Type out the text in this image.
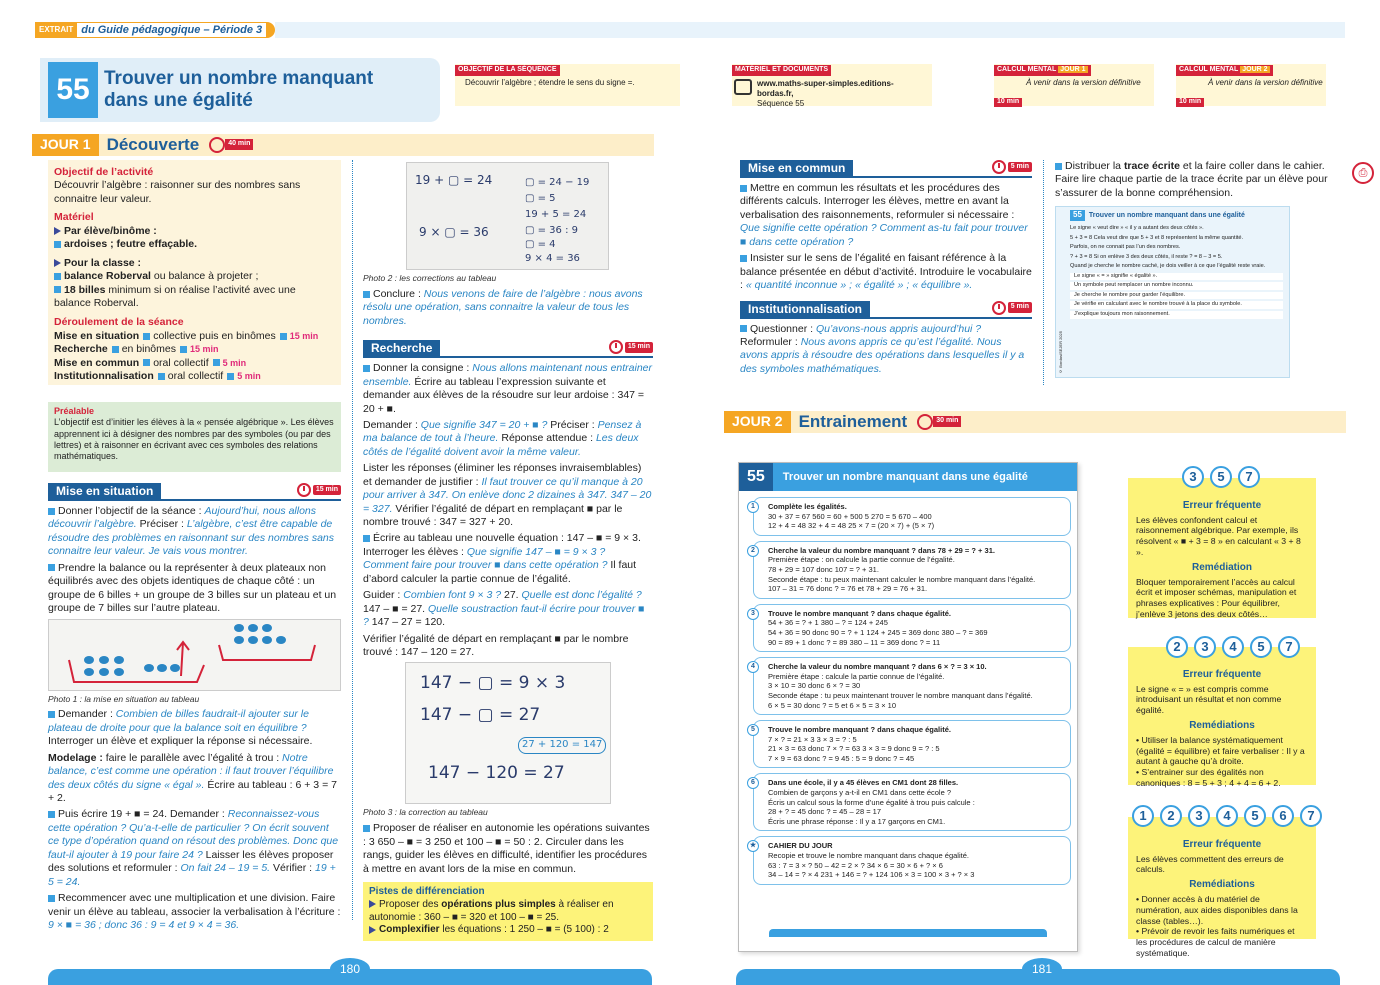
EXTRAIT du Guide pédagogique – Période 3
55 Trouver un nombre manquant
dans une égalité
OBJECTIF DE LA SÉQUENCE
Découvrir l’algèbre ; étendre le sens du signe =.
MATÉRIEL ET DOCUMENTS
www.maths-super-simples.editions-bordas.fr,
Séquence 55
CALCUL MENTAL JOUR 1
À venir dans la version définitive
10 min
CALCUL MENTAL JOUR 2
À venir dans la version définitive
10 min
JOUR 1 Découverte	40 min
Objectif de l’activité

Découvrir l’algèbre : raisonner sur des nombres sans connaitre leur valeur.

Matériel
Par élève/binôme :
ardoises ; feutre effaçable.
Pour la classe :
balance Roberval ou balance à projeter ;
18 billes minimum si on réalise l’activité avec une balance Roberval.
Déroulement de la séance
Mise en situation collective puis en binômes 15 min
Recherche en binômes 15 min
Mise en commun oral collectif 5 min
Institutionnalisation oral collectif 5 min
Préalable
L’objectif est d’initier les élèves à la « pensée algébrique ». Les élèves apprennent ici à désigner des nombres par des symboles (ou par des lettres) et à raisonner en écrivant avec ces symboles des relations mathématiques.
Mise en situation	15 min

Donner l’objectif de la séance : Aujourd’hui, nous allons découvrir l’algèbre. Préciser : L’algèbre, c’est être capable de résoudre des problèmes en raisonnant sur des nombres sans connaitre leur valeur. Je vais vous montrer.

Prendre la balance ou la représenter à deux plateaux non équilibrés avec des objets identiques de chaque côté : un groupe de 6 billes + un groupe de 3 billes sur un plateau et un groupe de 7 billes sur l’autre plateau.

Photo 1 : la mise en situation au tableau

Demander : Combien de billes faudrait-il ajouter sur le plateau de droite pour que la balance soit en équilibre ? Interroger un élève et expliquer la réponse si nécessaire.

Modelage : faire le parallèle avec l’égalité à trou : Notre balance, c’est comme une opération : il faut trouver l’équilibre des deux côtés du signe « égal ». Écrire au tableau : 6 + 3 = 7 + 2.

Puis écrire 19 + ■ = 24. Demander : Reconnaissez-vous cette opération ? Qu’a-t-elle de particulier ? On écrit souvent ce type d’opération quand on résout des problèmes. Donc que faut-il ajouter à 19 pour faire 24 ? Laisser les élèves proposer des solutions et reformuler : On fait 24 – 19 = 5. Vérifier : 19 + 5 = 24.

Recommencer avec une multiplication et une division. Faire venir un élève au tableau, associer la verbalisation à l’écriture : 9 × ■ = 36 ; donc 36 : 9 = 4 et 9 × 4 = 36.

19 + ▢ = 24	▢ = 24 − 19
▢ = 5
19 + 5 = 24
9 × ▢ = 36	▢ = 36 : 9
▢ = 4
9 × 4 = 36
Photo 2 : les corrections au tableau

Conclure : Nous venons de faire de l’algèbre : nous avons résolu une opération, sans connaitre la valeur de tous les nombres.

Recherche	15 min

Donner la consigne : Nous allons maintenant nous entrainer ensemble. Écrire au tableau l’expression suivante et demander aux élèves de la résoudre sur leur ardoise : 347 = 20 + ■.

Demander : Que signifie 347 = 20 + ■ ? Préciser : Pensez à ma balance de tout à l’heure. Réponse attendue : Les deux côtés de l’égalité doivent avoir la même valeur.

Lister les réponses (éliminer les réponses invraisemblables) et demander de justifier : Il faut trouver ce qu’il manque à 20 pour arriver à 347. On enlève donc 2 dizaines à 347. 347 – 20 = 327. Vérifier l’égalité de départ en remplaçant ■ par le nombre trouvé : 347 = 327 + 20.

Écrire au tableau une nouvelle équation : 147 – ■ = 9 × 3. Interroger les élèves : Que signifie 147 – ■ = 9 × 3 ? Comment faire pour trouver ■ dans cette opération ? Il faut d’abord calculer la partie connue de l’égalité.

Guider : Combien font 9 × 3 ? 27. Quelle est donc l’égalité ? 147 – ■ = 27. Quelle soustraction faut-il écrire pour trouver ■ ? 147 – 27 = 120.

Vérifier l’égalité de départ en remplaçant ■ par le nombre trouvé : 147 – 120 = 27.

147 − ▢ = 9 × 3
147 − ▢ = 27
27 + 120 = 147
147 − 120 = 27
Photo 3 : la correction au tableau

Proposer de réaliser en autonomie les opérations suivantes : 3 650 – ■ = 3 250 et 100 – ■ = 50 : 2. Circuler dans les rangs, guider les élèves en difficulté, identifier les procédures à mettre en avant lors de la mise en commun.

Pistes de différenciation
Proposer des opérations plus simples à réaliser en autonomie : 360 – ■ = 320 et 100 – ■ = 25.
Complexifier les équations : 1 250 – ■ = (5 100) : 2
180
Mise en commun	5 min

Mettre en commun les résultats et les procédures des différents calculs. Interroger les élèves, mettre en avant la verbalisation des raisonnements, reformuler si nécessaire : Que signifie cette opération ? Comment as-tu fait pour trouver ■ dans cette opération ?

Insister sur le sens de l’égalité en faisant référence à la balance présentée en début d’activité. Introduire le vocabulaire : « quantité inconnue » ; « égalité » ; « équilibre ».

Institutionnalisation	5 min

Questionner : Qu’avons-nous appris aujourd’hui ? Reformuler : Nous avons appris ce qu’est l’égalité. Nous avons appris à résoudre des opérations dans lesquelles il y a des symboles mathématiques.

Distribuer la trace écrite et la faire coller dans le cahier. Faire lire chaque partie de la trace écrite par un élève pour s’assurer de la bonne compréhension.

55	Trouver un nombre manquant dans une égalité
Le signe « veut dire » « il y a autant des deux côtés ».
5 + 3 = 8 Cela veut dire que 5 + 3 et 8 représentent la même quantité.
Parfois, on ne connait pas l’un des nombres.
? + 3 = 8 Si on enlève 3 des deux côtés, il reste ? = 8 – 3 = 5.
Quand je cherche le nombre caché, je dois veiller à ce que l’égalité reste vraie.
Le signe « = » signifie « égalité ».
Un symbole peut remplacer un nombre inconnu.
Je cherche le nombre pour garder l’équilibre.
Je vérifie en calculant avec le nombre trouvé à la place du symbole.
J’explique toujours mon raisonnement.
© Bordas/SEJER 2025
⎙
JOUR 2 Entrainement	30 min
55	Trouver un nombre manquant dans une égalité
1	Complète les égalités.
30 + 37 = 67 560 = 60 + 500 5 270 = 5 670 – 400
12 + 4 = 48 32 + 4 = 48 25 × 7 = (20 × 7) + (5 × 7)
2	Cherche la valeur du nombre manquant ? dans 78 + 29 = ? + 31.
Première étape : on calcule la partie connue de l’égalité.
78 + 29 = 107 donc 107 = ? + 31.
Seconde étape : tu peux maintenant calculer le nombre manquant dans l’égalité.
107 – 31 = 76 donc ? = 76 et 78 + 29 = 76 + 31.
3	Trouve le nombre manquant ? dans chaque égalité.
54 + 36 = ? + 1 380 – ? = 124 + 245
54 + 36 = 90 donc 90 = ? + 1 124 + 245 = 369 donc 380 – ? = 369
90 = 89 + 1 donc ? = 89 380 – 11 = 369 donc ? = 11
4	Cherche la valeur du nombre manquant ? dans 6 × ? = 3 × 10.
Première étape : calcule la partie connue de l’égalité.
3 × 10 = 30 donc 6 × ? = 30
Seconde étape : tu peux maintenant trouver le nombre manquant dans l’égalité.
6 × 5 = 30 donc ? = 5 et 6 × 5 = 3 × 10
5	Trouve le nombre manquant ? dans chaque égalité.
7 × ? = 21 × 3 3 × 3 = ? : 5
21 × 3 = 63 donc 7 × ? = 63 3 × 3 = 9 donc 9 = ? : 5
7 × 9 = 63 donc ? = 9 45 : 5 = 9 donc ? = 45
6	Dans une école, il y a 45 élèves en CM1 dont 28 filles.
Combien de garçons y a-t-il en CM1 dans cette école ?
Écris un calcul sous la forme d’une égalité à trou puis calcule :
28 + ? = 45 donc ? = 45 – 28 = 17
Écris une phrase réponse : Il y a 17 garçons en CM1.
★	CAHIER DU JOUR
Recopie et trouve le nombre manquant dans chaque égalité.
63 : 7 = 3 × ? 50 – 42 = 2 × ? 34 × 6 = 30 × 6 + ? × 6
34 – 14 = ? × 4 231 + 146 = ? + 124 106 × 3 = 100 × 3 + ? × 3
Erreur fréquente
Les élèves confondent calcul et raisonnement algébrique. Par exemple, ils résolvent « ■ + 3 = 8 » en calculant « 3 + 8 ».
Remédiation
Bloquer temporairement l’accès au calcul écrit et imposer schémas, manipulation et phrases explicatives : Pour équilibrer, j’enlève 3 jetons des deux côtés…
3	5	7
Erreur fréquente
Le signe « = » est compris comme introduisant un résultat et non comme égalité.
Remédiations
• Utiliser la balance systématiquement (égalité = équilibre) et faire verbaliser : Il y a autant à gauche qu’à droite.
• S’entrainer sur des égalités non canoniques : 8 = 5 + 3 ; 4 + 4 = 6 + 2.
2	3	4	5	7
Erreur fréquente
Les élèves commettent des erreurs de calculs.
Remédiations
• Donner accès à du matériel de numération, aux aides disponibles dans la classe (tables…).
• Prévoir de revoir les faits numériques et les procédures de calcul de manière systématique.
1	2	3	4	5	6	7
181
